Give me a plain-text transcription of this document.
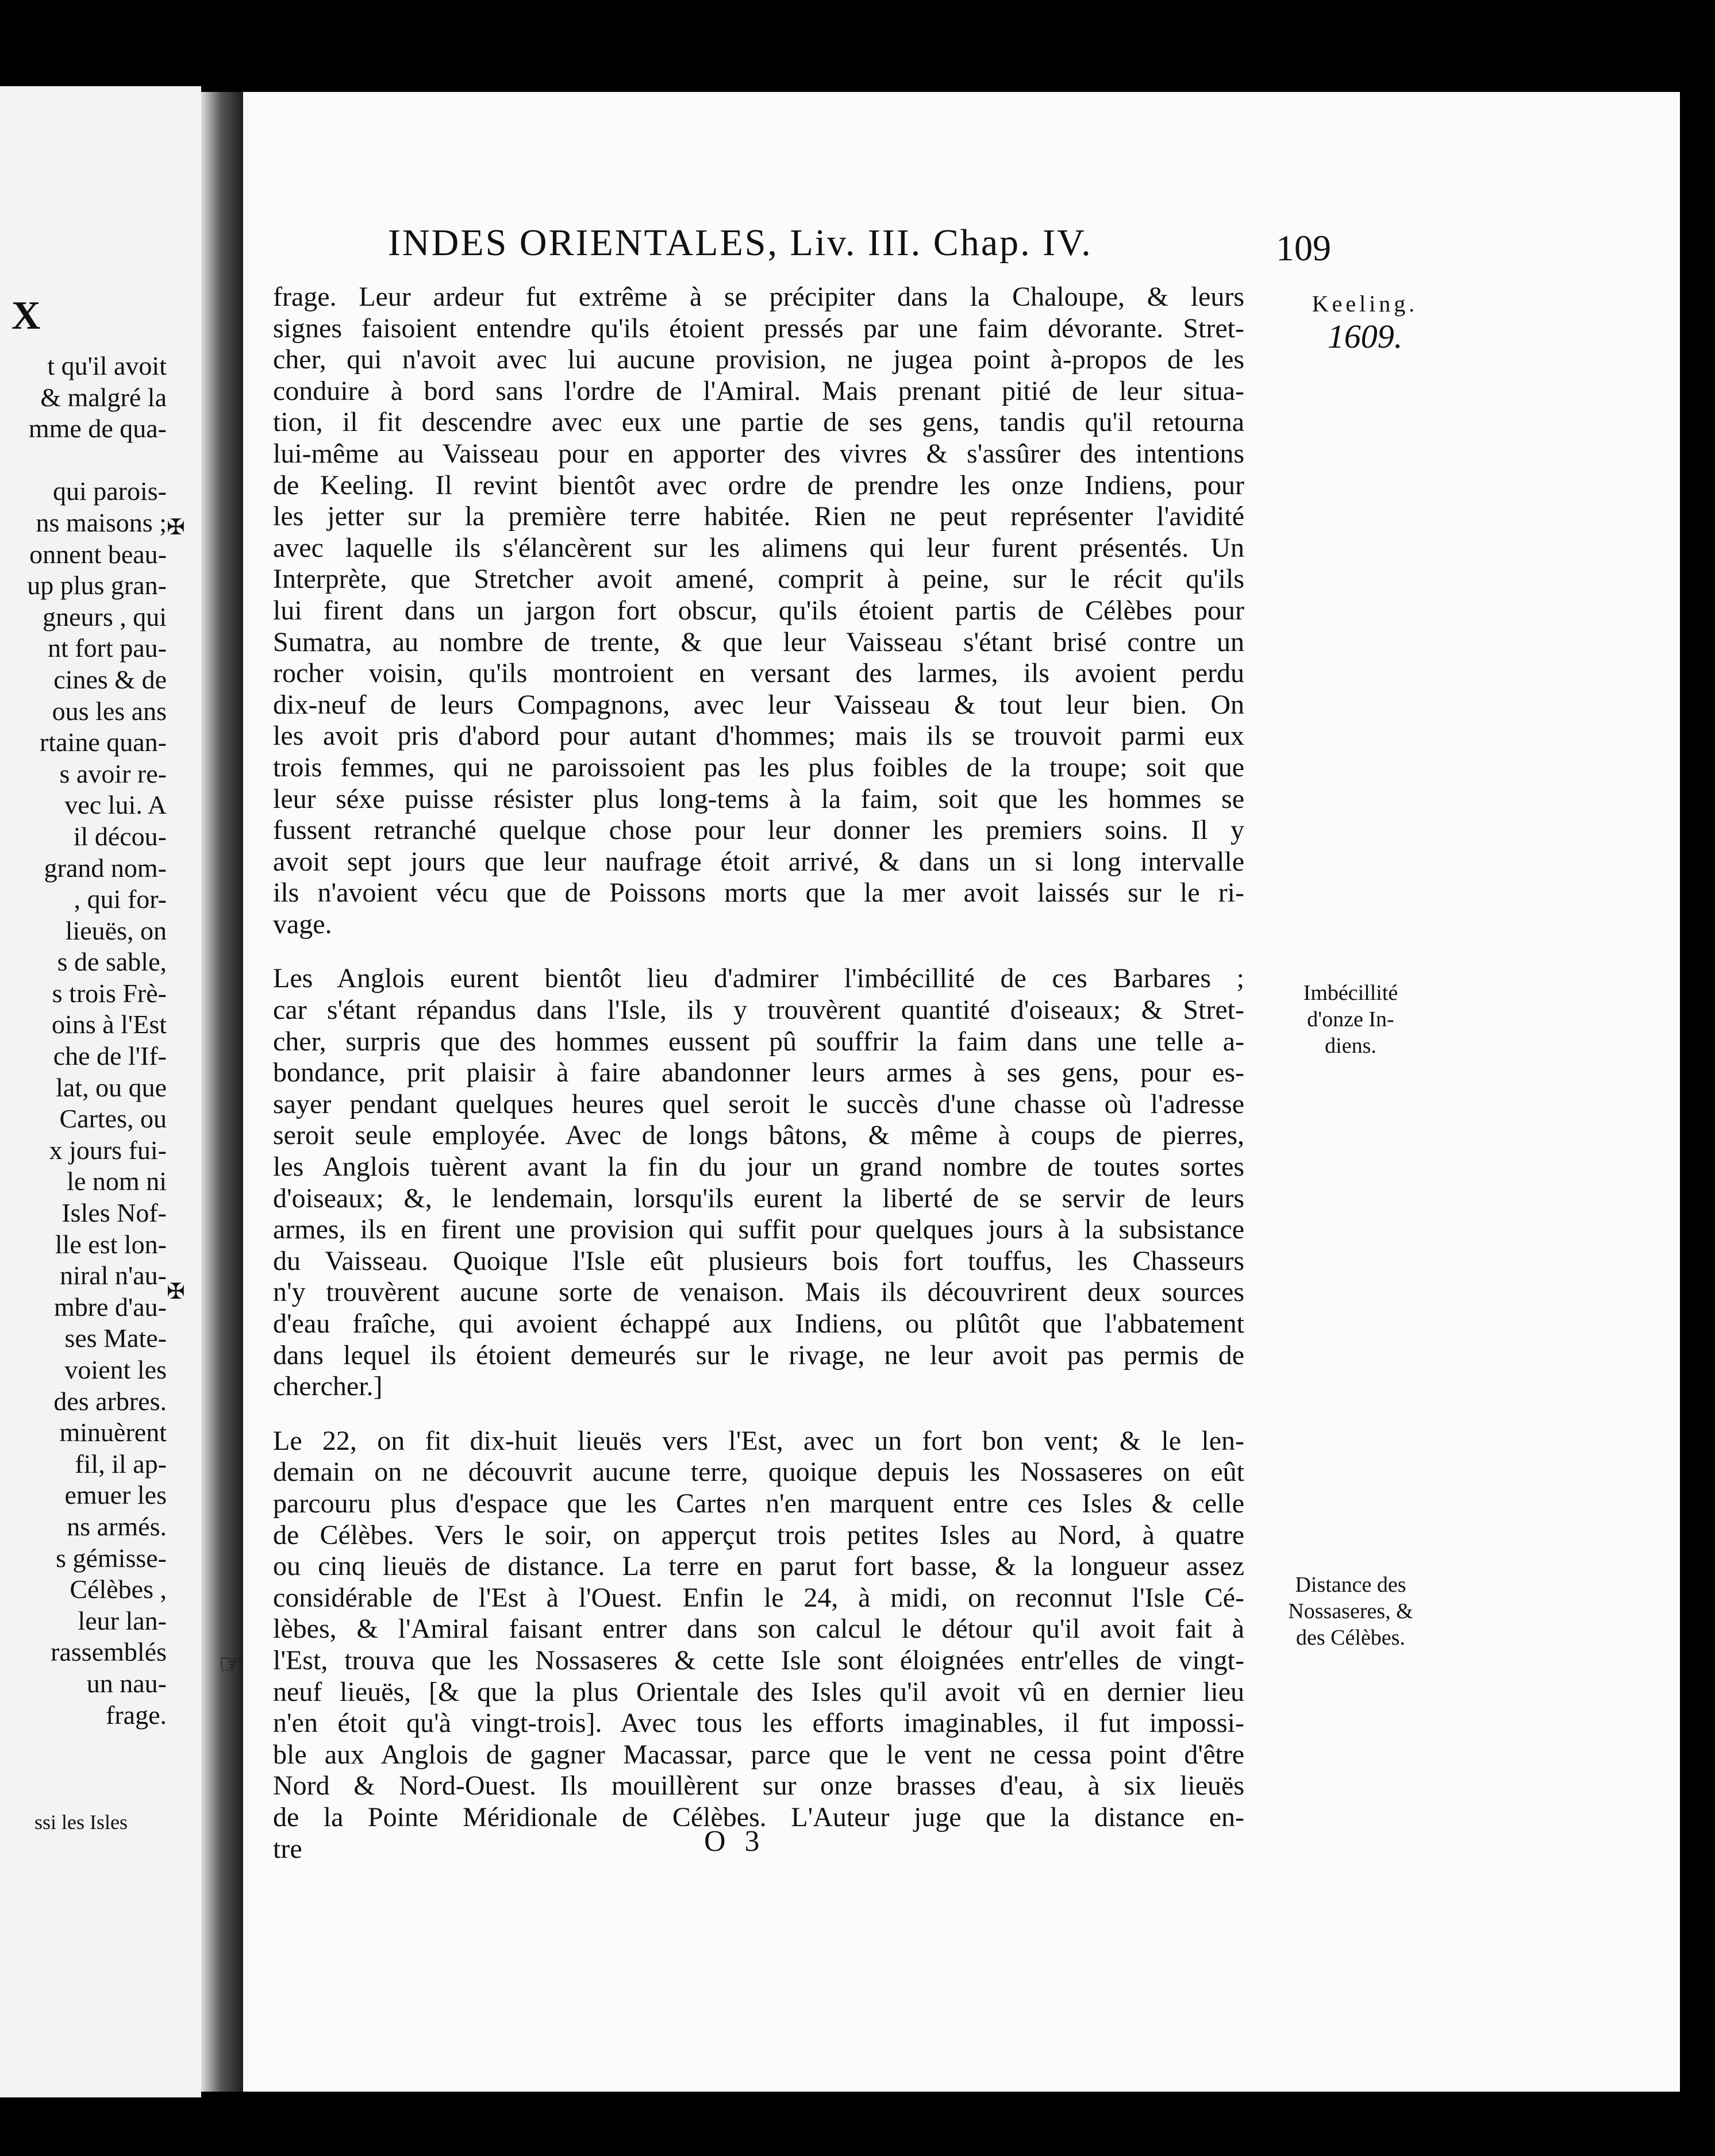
X
t qu'il avoit
& malgré la
mme de qua-

qui parois-
ns maisons ;
onnent beau-
up plus gran-
gneurs , qui
nt fort pau-
cines & de
ous les ans
rtaine quan-
s avoir re-
vec lui. A
il décou-
grand nom-
, qui for-
lieuës, on
s de sable,
s trois Frè-
oins à l'Est
che de l'If-
lat, ou que
Cartes, ou
x jours fui-
le nom ni
Isles Nof-
lle est lon-
niral n'au-
mbre d'au-
ses Mate-
voient les
des arbres.
minuèrent
fil, il ap-
emuer les
ns armés.
s gémisse-
Célèbes ,
leur lan-
rassemblés
un nau-
frage.
✠
✠
ssi les Isles
INDES ORIENTALES, Liv. III. Chap. IV.	109
Keeling.
1609.
frage. Leur ardeur fut extrême à se précipiter dans la Chaloupe, & leurs
signes faisoient entendre qu'ils étoient pressés par une faim dévorante. Stret-
cher, qui n'avoit avec lui aucune provision, ne jugea point à-propos de les
conduire à bord sans l'ordre de l'Amiral. Mais prenant pitié de leur situa-
tion, il fit descendre avec eux une partie de ses gens, tandis qu'il retourna
lui-même au Vaisseau pour en apporter des vivres & s'assûrer des intentions
de Keeling. Il revint bientôt avec ordre de prendre les onze Indiens, pour
les jetter sur la première terre habitée. Rien ne peut représenter l'avidité
avec laquelle ils s'élancèrent sur les alimens qui leur furent présentés. Un
Interprète, que Stretcher avoit amené, comprit à peine, sur le récit qu'ils
lui firent dans un jargon fort obscur, qu'ils étoient partis de Célèbes pour
Sumatra, au nombre de trente, & que leur Vaisseau s'étant brisé contre un
rocher voisin, qu'ils montroient en versant des larmes, ils avoient perdu
dix-neuf de leurs Compagnons, avec leur Vaisseau & tout leur bien. On
les avoit pris d'abord pour autant d'hommes; mais ils se trouvoit parmi eux
trois femmes, qui ne paroissoient pas les plus foibles de la troupe; soit que
leur séxe puisse résister plus long-tems à la faim, soit que les hommes se
fussent retranché quelque chose pour leur donner les premiers soins. Il y
avoit sept jours que leur naufrage étoit arrivé, & dans un si long intervalle
ils n'avoient vécu que de Poissons morts que la mer avoit laissés sur le ri-
vage.
Les Anglois eurent bientôt lieu d'admirer l'imbécillité de ces Barbares ;
car s'étant répandus dans l'Isle, ils y trouvèrent quantité d'oiseaux; & Stret-
cher, surpris que des hommes eussent pû souffrir la faim dans une telle a-
bondance, prit plaisir à faire abandonner leurs armes à ses gens, pour es-
sayer pendant quelques heures quel seroit le succès d'une chasse où l'adresse
seroit seule employée. Avec de longs bâtons, & même à coups de pierres,
les Anglois tuèrent avant la fin du jour un grand nombre de toutes sortes
d'oiseaux; &, le lendemain, lorsqu'ils eurent la liberté de se servir de leurs
armes, ils en firent une provision qui suffit pour quelques jours à la subsistance
du Vaisseau. Quoique l'Isle eût plusieurs bois fort touffus, les Chasseurs
n'y trouvèrent aucune sorte de venaison. Mais ils découvrirent deux sources
d'eau fraîche, qui avoient échappé aux Indiens, ou plûtôt que l'abbatement
dans lequel ils étoient demeurés sur le rivage, ne leur avoit pas permis de
chercher.]
Le 22, on fit dix-huit lieuës vers l'Est, avec un fort bon vent; & le len-
demain on ne découvrit aucune terre, quoique depuis les Nossaseres on eût
parcouru plus d'espace que les Cartes n'en marquent entre ces Isles & celle
de Célèbes. Vers le soir, on apperçut trois petites Isles au Nord, à quatre
ou cinq lieuës de distance. La terre en parut fort basse, & la longueur assez
considérable de l'Est à l'Ouest. Enfin le 24, à midi, on reconnut l'Isle Cé-
lèbes, & l'Amiral faisant entrer dans son calcul le détour qu'il avoit fait à
l'Est, trouva que les Nossaseres & cette Isle sont éloignées entr'elles de vingt-
neuf lieuës, [& que la plus Orientale des Isles qu'il avoit vû en dernier lieu
n'en étoit qu'à vingt-trois]. Avec tous les efforts imaginables, il fut impossi-
ble aux Anglois de gagner Macassar, parce que le vent ne cessa point d'être
Nord & Nord-Ouest. Ils mouillèrent sur onze brasses d'eau, à six lieuës
de la Pointe Méridionale de Célèbes. L'Auteur juge que la distance en-
tre
Imbécillité
d'onze In-
diens.
Distance des
Nossaseres, &
des Célèbes.
☞
O 3
